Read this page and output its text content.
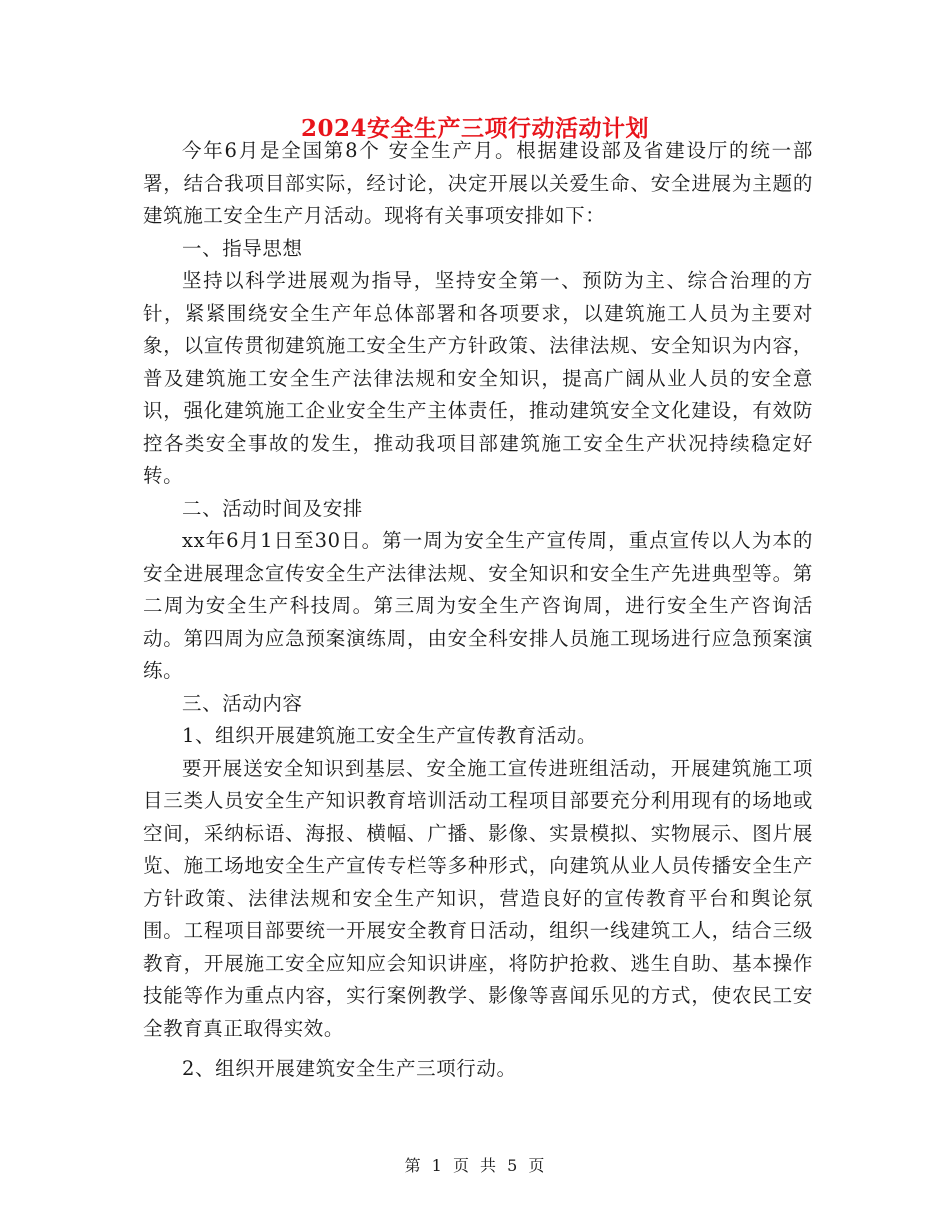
2024安全生产三项行动活动计划

今年6月是全国第8个 安全生产月。根据建设部及省建设厅的统一部署，结合我项目部实际，经讨论，决定开展以关爱生命、安全进展为主题的建筑施工安全生产月活动。现将有关事项安排如下：

一、指导思想

坚持以科学进展观为指导，坚持安全第一、预防为主、综合治理的方针，紧紧围绕安全生产年总体部署和各项要求，以建筑施工人员为主要对象，以宣传贯彻建筑施工安全生产方针政策、法律法规、安全知识为内容，普及建筑施工安全生产法律法规和安全知识，提高广阔从业人员的安全意识，强化建筑施工企业安全生产主体责任，推动建筑安全文化建设，有效防控各类安全事故的发生，推动我项目部建筑施工安全生产状况持续稳定好转。

二、活动时间及安排

xx年6月1日至30日。第一周为安全生产宣传周，重点宣传以人为本的安全进展理念宣传安全生产法律法规、安全知识和安全生产先进典型等。第二周为安全生产科技周。第三周为安全生产咨询周，进行安全生产咨询活动。第四周为应急预案演练周，由安全科安排人员施工现场进行应急预案演练。

三、活动内容

1、组织开展建筑施工安全生产宣传教育活动。

要开展送安全知识到基层、安全施工宣传进班组活动，开展建筑施工项目三类人员安全生产知识教育培训活动工程项目部要充分利用现有的场地或空间，采纳标语、海报、横幅、广播、影像、实景模拟、实物展示、图片展览、施工场地安全生产宣传专栏等多种形式，向建筑从业人员传播安全生产方针政策、法律法规和安全生产知识，营造良好的宣传教育平台和舆论氛围。工程项目部要统一开展安全教育日活动，组织一线建筑工人，结合三级教育，开展施工安全应知应会知识讲座，将防护抢救、逃生自助、基本操作技能等作为重点内容，实行案例教学、影像等喜闻乐见的方式，使农民工安全教育真正取得实效。

2、组织开展建筑安全生产三项行动。

第 1 页 共 5 页
